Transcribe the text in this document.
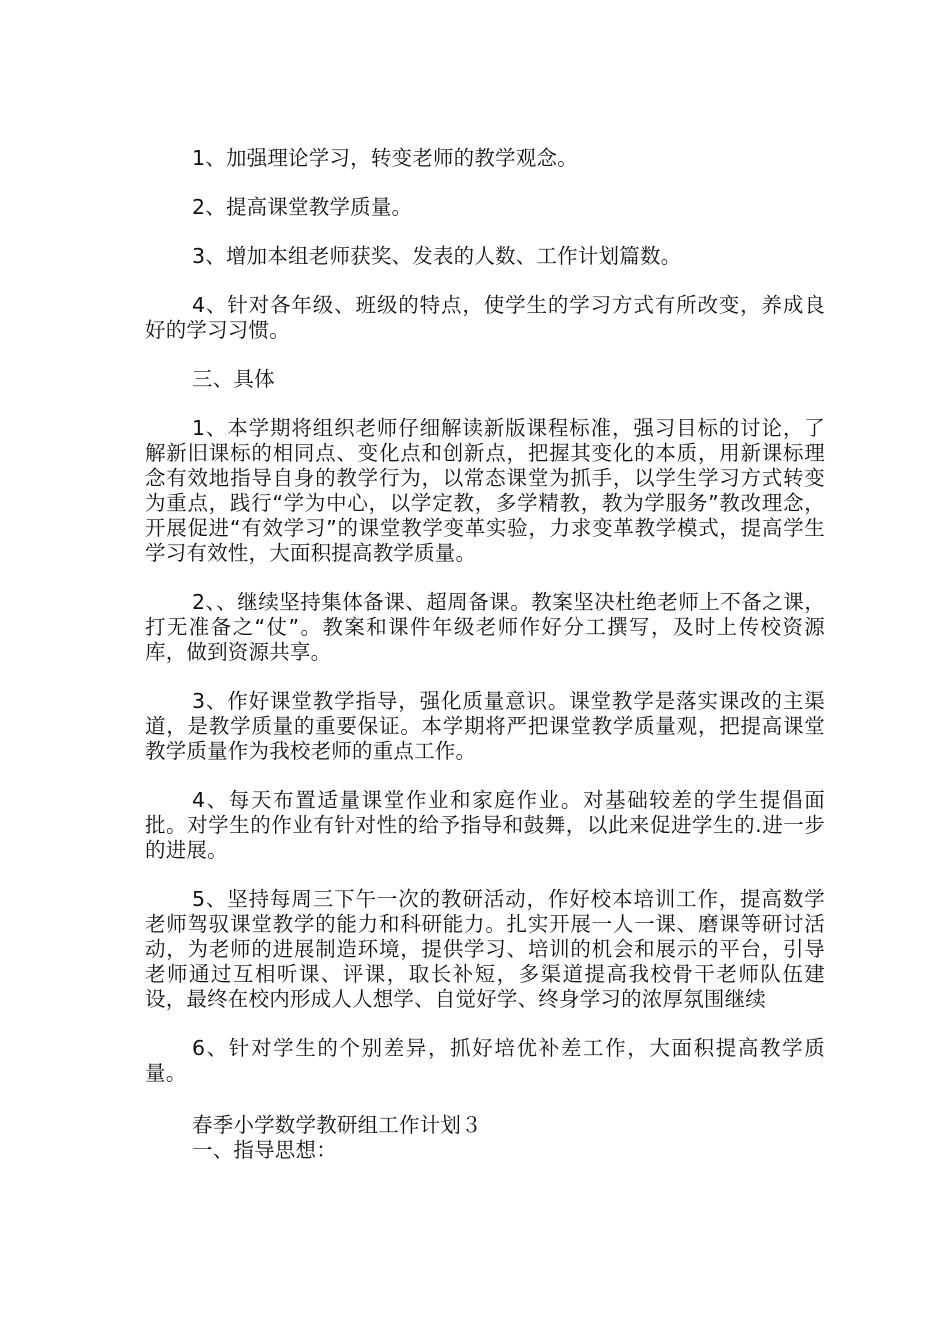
1、加强理论学习，转变老师的教学观念。

2、提高课堂教学质量。

3、增加本组老师获奖、发表的人数、工作计划篇数。

4、针对各年级、班级的特点，使学生的学习方式有所改变，养成良好的学习习惯。

三、具体

1、本学期将组织老师仔细解读新版课程标准，强习目标的讨论，了解新旧课标的相同点、变化点和创新点，把握其变化的本质，用新课标理念有效地指导自身的教学行为，以常态课堂为抓手，以学生学习方式转变为重点，践行“学为中心，以学定教，多学精教，教为学服务”教改理念，开展促进“有效学习”的课堂教学变革实验，力求变革教学模式，提高学生学习有效性，大面积提高教学质量。

2、、继续坚持集体备课、超周备课。教案坚决杜绝老师上不备之课，打无准备之“仗”。教案和课件年级老师作好分工撰写，及时上传校资源库，做到资源共享。

3、作好课堂教学指导，强化质量意识。课堂教学是落实课改的主渠道，是教学质量的重要保证。本学期将严把课堂教学质量观，把提高课堂教学质量作为我校老师的重点工作。

4、每天布置适量课堂作业和家庭作业。对基础较差的学生提倡面批。对学生的作业有针对性的给予指导和鼓舞，以此来促进学生的.进一步的进展。

5、坚持每周三下午一次的教研活动，作好校本培训工作，提高数学老师驾驭课堂教学的能力和科研能力。扎实开展一人一课、磨课等研讨活动，为老师的进展制造环境，提供学习、培训的机会和展示的平台，引导老师通过互相听课、评课，取长补短，多渠道提高我校骨干老师队伍建设，最终在校内形成人人想学、自觉好学、终身学习的浓厚氛围继续

6、针对学生的个别差异，抓好培优补差工作，大面积提高教学质量。

春季小学数学教研组工作计划３

一、指导思想：
